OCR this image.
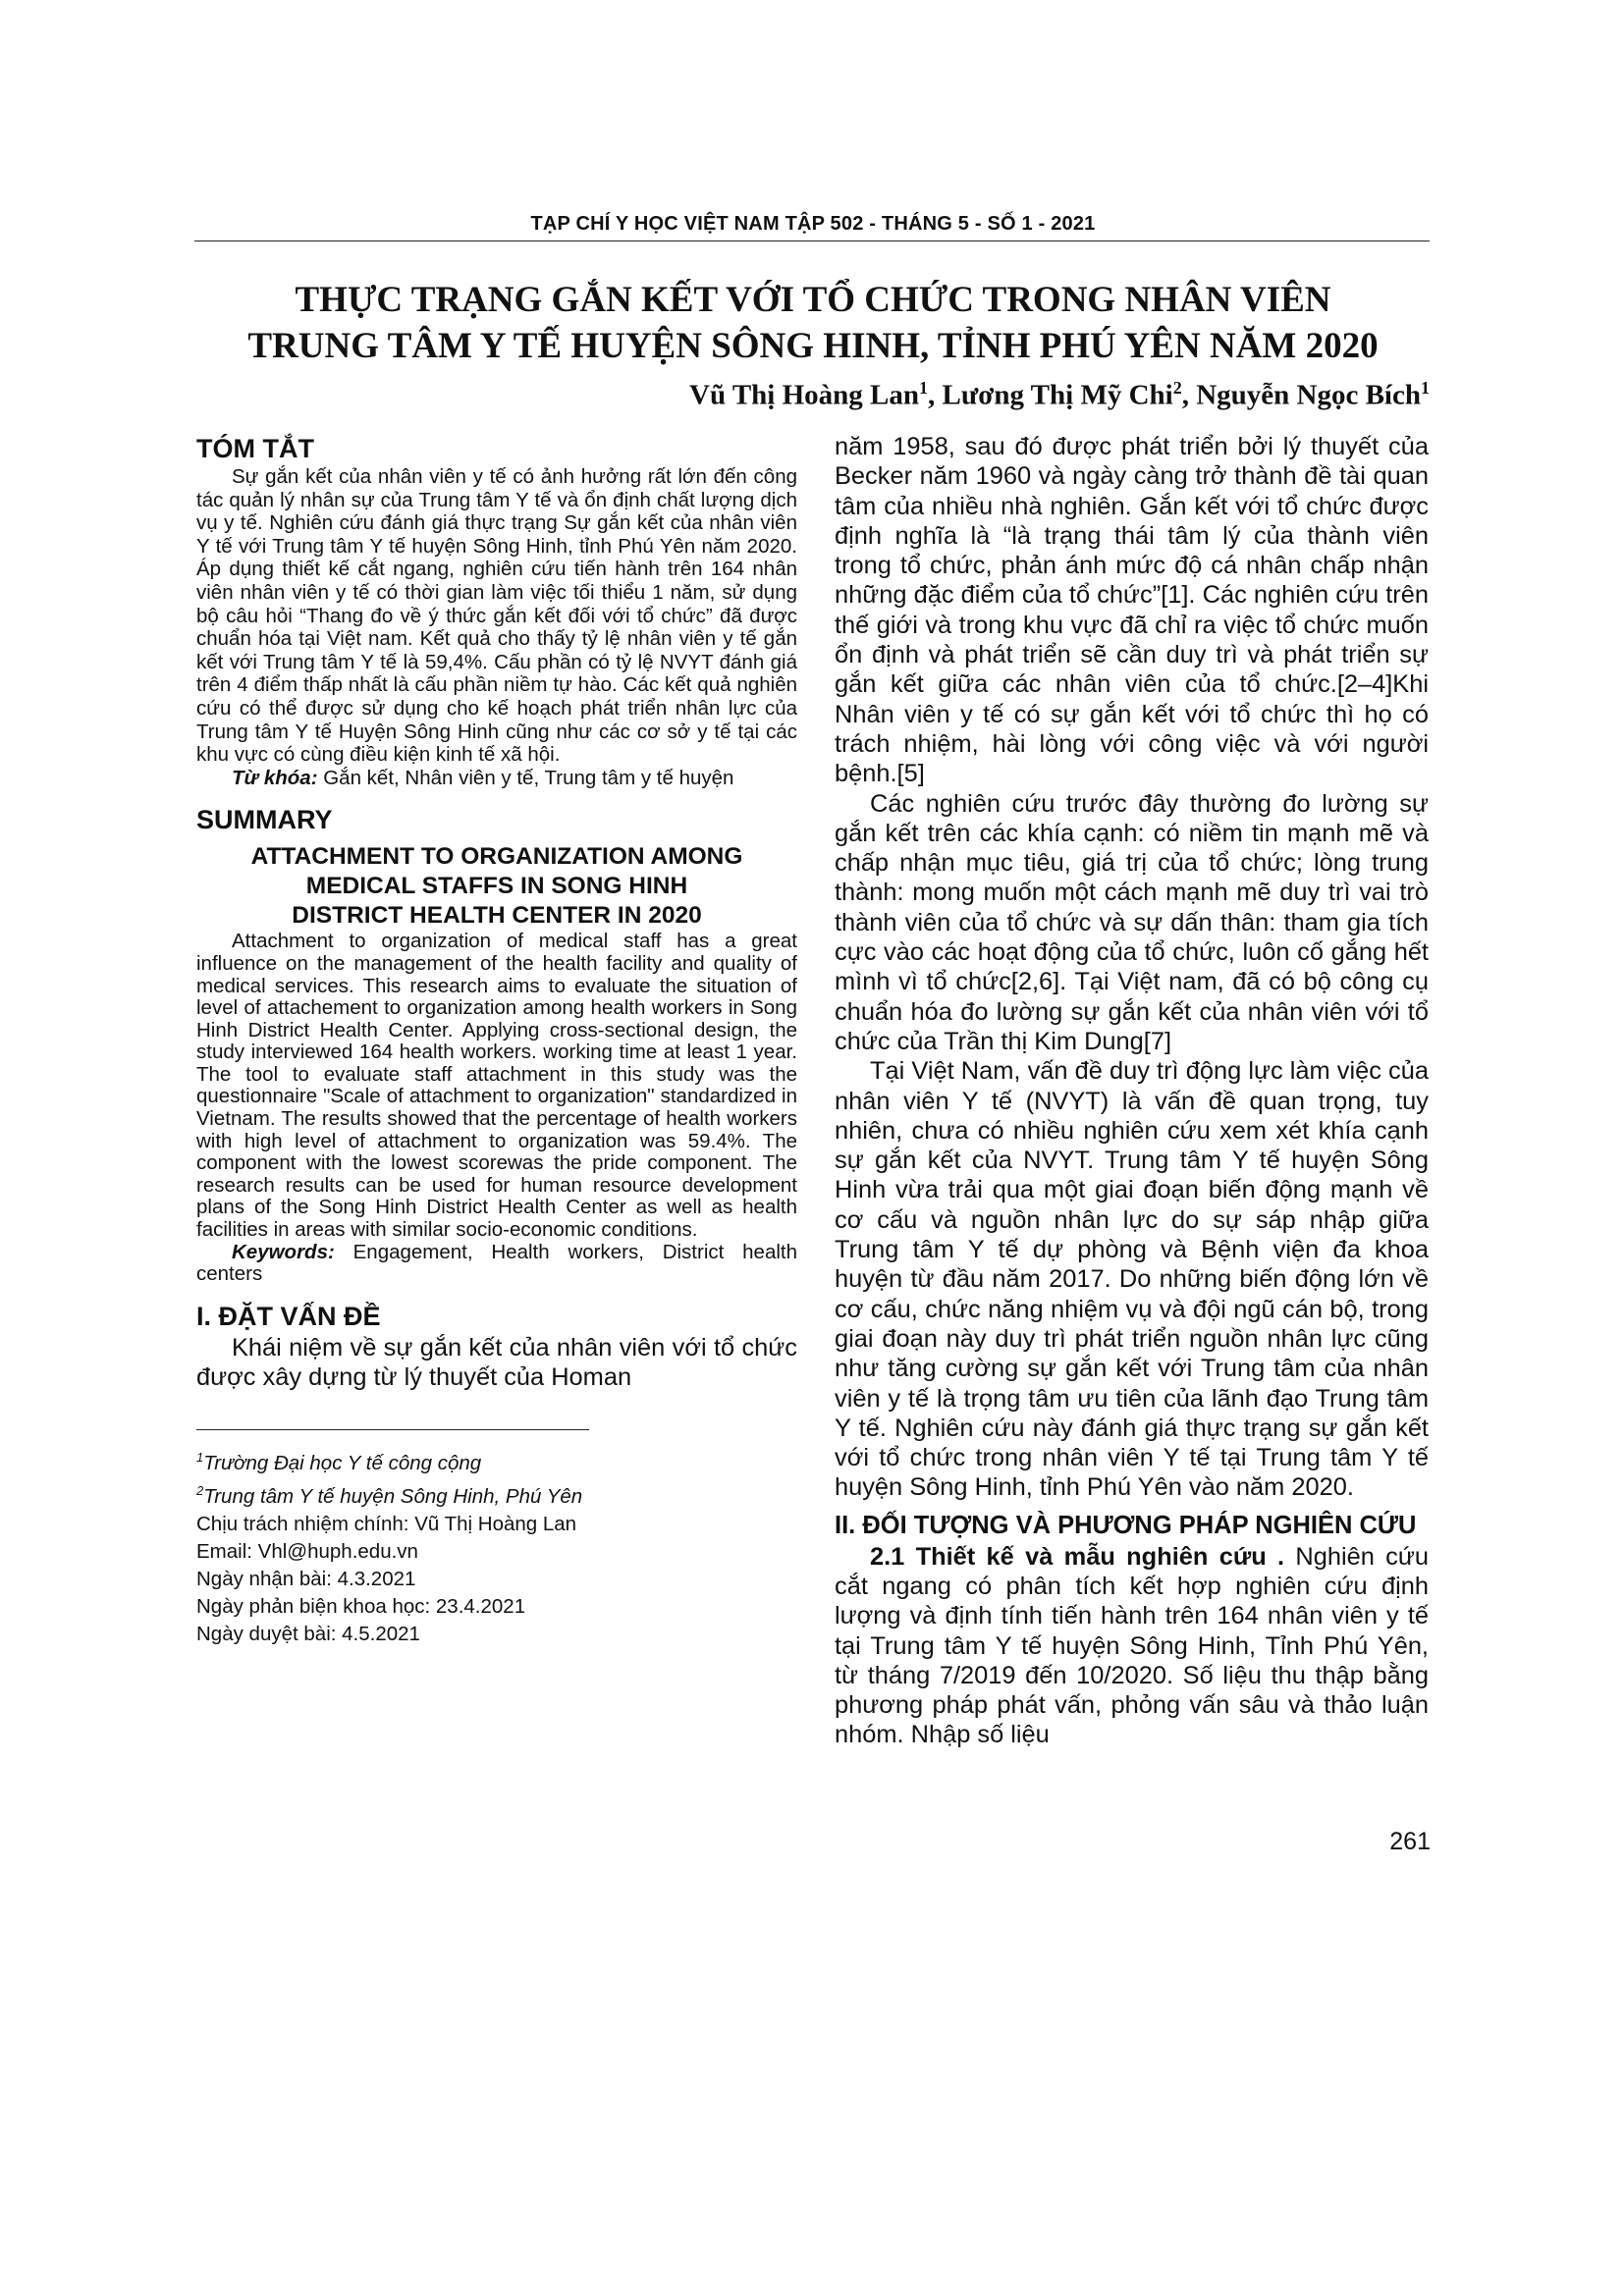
TẠP CHÍ Y HỌC VIỆT NAM TẬP 502 - THÁNG 5 - SỐ 1 - 2021
THỰC TRẠNG GẮN KẾT VỚI TỔ CHỨC TRONG NHÂN VIÊN
TRUNG TÂM Y TẾ HUYỆN SÔNG HINH, TỈNH PHÚ YÊN NĂM 2020
Vũ Thị Hoàng Lan$^1$, Lương Thị Mỹ Chi$^2$, Nguyễn Ngọc Bích$^1$
TÓM TẮT

Sự gắn kết của nhân viên y tế có ảnh hưởng rất lớn đến công tác quản lý nhân sự của Trung tâm Y tế và ổn định chất lượng dịch vụ y tế. Nghiên cứu đánh giá thực trạng Sự gắn kết của nhân viên Y tế với Trung tâm Y tế huyện Sông Hinh, tỉnh Phú Yên năm 2020. Áp dụng thiết kế cắt ngang, nghiên cứu tiến hành trên 164 nhân viên nhân viên y tế có thời gian làm việc tối thiểu 1 năm, sử dụng bộ câu hỏi “Thang đo về ý thức gắn kết đối với tổ chức” đã được chuẩn hóa tại Việt nam. Kết quả cho thấy tỷ lệ nhân viên y tế gắn kết với Trung tâm Y tế là 59,4%. Cấu phần có tỷ lệ NVYT đánh giá trên 4 điểm thấp nhất là cấu phần niềm tự hào. Các kết quả nghiên cứu có thể được sử dụng cho kế hoạch phát triển nhân lực của Trung tâm Y tế Huyện Sông Hinh cũng như các cơ sở y tế tại các khu vực có cùng điều kiện kinh tế xã hội.

Từ khóa: Gắn kết, Nhân viên y tế, Trung tâm y tế huyện

SUMMARY
ATTACHMENT TO ORGANIZATION AMONG
MEDICAL STAFFS IN SONG HINH
DISTRICT HEALTH CENTER IN 2020

Attachment to organization of medical staff has a great influence on the management of the health facility and quality of medical services. This research aims to evaluate the situation of level of attachement to organization among health workers in Song Hinh District Health Center. Applying cross-sectional design, the study interviewed 164 health workers. working time at least 1 year. The tool to evaluate staff attachment in this study was the questionnaire "Scale of attachment to organization" standardized in Vietnam. The results showed that the percentage of health workers with high level of attachment to organization was 59.4%. The component with the lowest scorewas the pride component. The research results can be used for human resource development plans of the Song Hinh District Health Center as well as health facilities in areas with similar socio-economic conditions.

Keywords: Engagement, Health workers, District health centers

I. ĐẶT VẤN ĐỀ

Khái niệm về sự gắn kết của nhân viên với tổ chức được xây dựng từ lý thuyết của Homan

$^1$Trường Đại học Y tế công cộng

$^2$Trung tâm Y tế huyện Sông Hinh, Phú Yên

Chịu trách nhiệm chính: Vũ Thị Hoàng Lan

Email: Vhl@huph.edu.vn

Ngày nhận bài: 4.3.2021

Ngày phản biện khoa học: 23.4.2021

Ngày duyệt bài: 4.5.2021

năm 1958, sau đó được phát triển bởi lý thuyết của Becker năm 1960 và ngày càng trở thành đề tài quan tâm của nhiều nhà nghiên. Gắn kết với tổ chức được định nghĩa là “là trạng thái tâm lý của thành viên trong tổ chức, phản ánh mức độ cá nhân chấp nhận những đặc điểm của tổ chức”[1]. Các nghiên cứu trên thế giới và trong khu vực đã chỉ ra việc tổ chức muốn ổn định và phát triển sẽ cần duy trì và phát triển sự gắn kết giữa các nhân viên của tổ chức.[2–4]Khi Nhân viên y tế có sự gắn kết với tổ chức thì họ có trách nhiệm, hài lòng với công việc và với người bệnh.[5]

Các nghiên cứu trước đây thường đo lường sự gắn kết trên các khía cạnh: có niềm tin mạnh mẽ và chấp nhận mục tiêu, giá trị của tổ chức; lòng trung thành: mong muốn một cách mạnh mẽ duy trì vai trò thành viên của tổ chức và sự dấn thân: tham gia tích cực vào các hoạt động của tổ chức, luôn cố gắng hết mình vì tổ chức[2,6]. Tại Việt nam, đã có bộ công cụ chuẩn hóa đo lường sự gắn kết của nhân viên với tổ chức của Trần thị Kim Dung[7]

Tại Việt Nam, vấn đề duy trì động lực làm việc của nhân viên Y tế (NVYT) là vấn đề quan trọng, tuy nhiên, chưa có nhiều nghiên cứu xem xét khía cạnh sự gắn kết của NVYT. Trung tâm Y tế huyện Sông Hinh vừa trải qua một giai đoạn biến động mạnh về cơ cấu và nguồn nhân lực do sự sáp nhập giữa Trung tâm Y tế dự phòng và Bệnh viện đa khoa huyện từ đầu năm 2017. Do những biến động lớn về cơ cấu, chức năng nhiệm vụ và đội ngũ cán bộ, trong giai đoạn này duy trì phát triển nguồn nhân lực cũng như tăng cường sự gắn kết với Trung tâm của nhân viên y tế là trọng tâm ưu tiên của lãnh đạo Trung tâm Y tế. Nghiên cứu này đánh giá thực trạng sự gắn kết với tổ chức trong nhân viên Y tế tại Trung tâm Y tế huyện Sông Hinh, tỉnh Phú Yên vào năm 2020.

II. ĐỐI TƯỢNG VÀ PHƯƠNG PHÁP NGHIÊN CỨU

2.1 Thiết kế và mẫu nghiên cứu . Nghiên cứu cắt ngang có phân tích kết hợp nghiên cứu định lượng và định tính tiến hành trên 164 nhân viên y tế tại Trung tâm Y tế huyện Sông Hinh, Tỉnh Phú Yên, từ tháng 7/2019 đến 10/2020. Số liệu thu thập bằng phương pháp phát vấn, phỏng vấn sâu và thảo luận nhóm. Nhập số liệu

261
